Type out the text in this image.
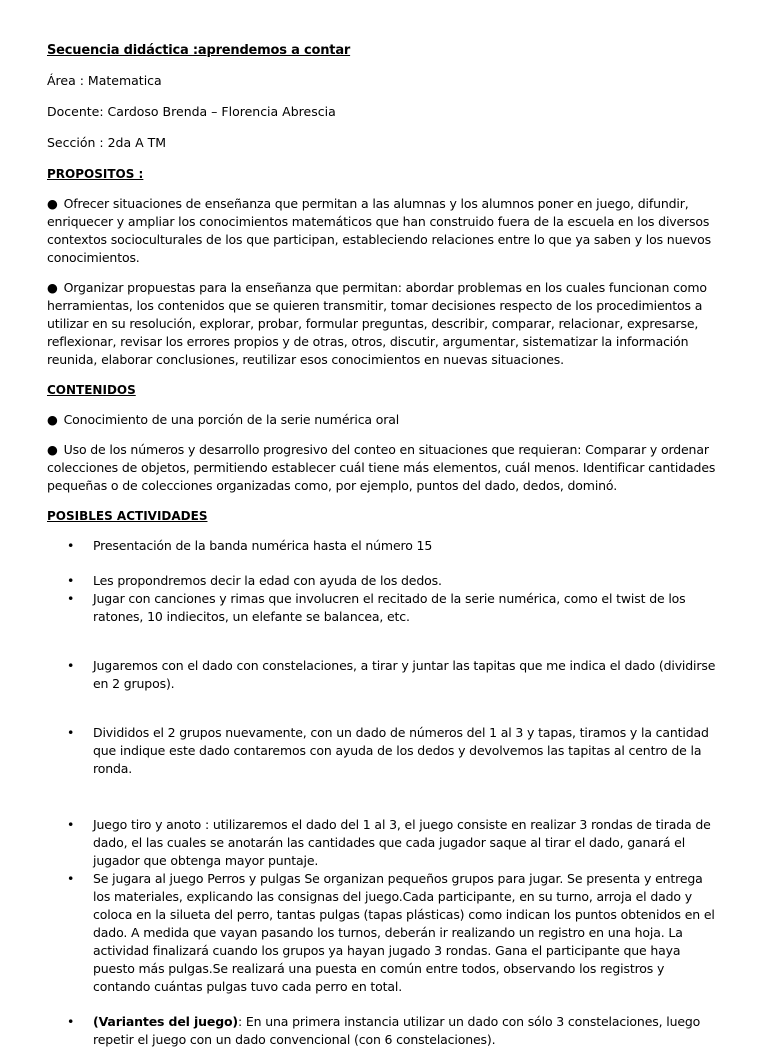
Secuencia didáctica :aprendemos a contar

Área : Matematica

Docente: Cardoso Brenda – Florencia Abrescia

Sección : 2da A TM

PROPOSITOS :

● Ofrecer situaciones de enseñanza que permitan a las alumnas y los alumnos poner en juego, difundir, enriquecer y ampliar los conocimientos matemáticos que han construido fuera de la escuela en los diversos contextos socioculturales de los que participan, estableciendo relaciones entre lo que ya saben y los nuevos conocimientos.

● Organizar propuestas para la enseñanza que permitan: abordar problemas en los cuales funcionan como herramientas, los contenidos que se quieren transmitir, tomar decisiones respecto de los procedimientos a utilizar en su resolución, explorar, probar, formular preguntas, describir, comparar, relacionar, expresarse, reflexionar, revisar los errores propios y de otras, otros, discutir, argumentar, sistematizar la información reunida, elaborar conclusiones, reutilizar esos conocimientos en nuevas situaciones.

CONTENIDOS

● Conocimiento de una porción de la serie numérica oral

● Uso de los números y desarrollo progresivo del conteo en situaciones que requieran: Comparar y ordenar colecciones de objetos, permitiendo establecer cuál tiene más elementos, cuál menos. Identificar cantidades pequeñas o de colecciones organizadas como, por ejemplo, puntos del dado, dedos, dominó.

POSIBLES ACTIVIDADES

• Presentación de la banda numérica hasta el número 15
• Les propondremos decir la edad con ayuda de los dedos.
• Jugar con canciones y rimas que involucren el recitado de la serie numérica, como el twist de los ratones, 10 indiecitos, un elefante se balancea, etc.
• Jugaremos con el dado con constelaciones, a tirar y juntar las tapitas que me indica el dado (dividirse en 2 grupos).
• Divididos el 2 grupos nuevamente, con un dado de números del 1 al 3 y tapas, tiramos y la cantidad que indique este dado contaremos con ayuda de los dedos y devolvemos las tapitas al centro de la ronda.
• Juego tiro y anoto : utilizaremos el dado del 1 al 3, el juego consiste en realizar 3 rondas de tirada de dado, el las cuales se anotarán las cantidades que cada jugador saque al tirar el dado, ganará el jugador que obtenga mayor puntaje.
• Se jugara al juego Perros y pulgas Se organizan pequeños grupos para jugar. Se presenta y entrega los materiales, explicando las consignas del juego.Cada participante, en su turno, arroja el dado y coloca en la silueta del perro, tantas pulgas (tapas plásticas) como indican los puntos obtenidos en el dado. A medida que vayan pasando los turnos, deberán ir realizando un registro en una hoja. La actividad finalizará cuando los grupos ya hayan jugado 3 rondas. Gana el participante que haya puesto más pulgas.Se realizará una puesta en común entre todos, observando los registros y contando cuántas pulgas tuvo cada perro en total.
• (Variantes del juego): En una primera instancia utilizar un dado con sólo 3 constelaciones, luego repetir el juego con un dado convencional (con 6 constelaciones).
